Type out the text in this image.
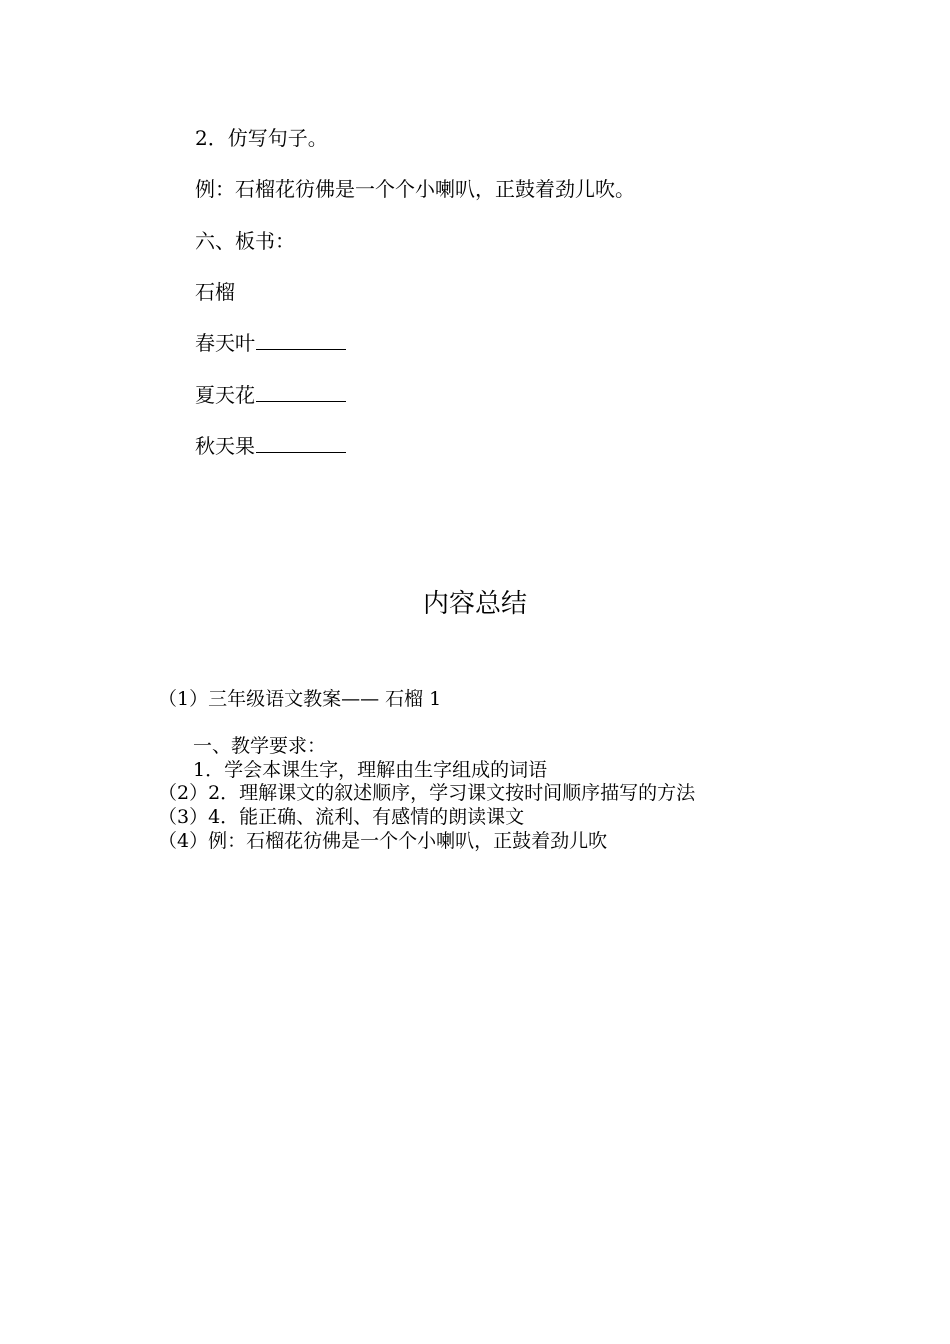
2．仿写句子。
例：石榴花彷佛是一个个小喇叭，正鼓着劲儿吹。
六、板书：
石榴
春天叶
夏天花
秋天果
内容总结
（1）三年级语文教案—— 石榴 1
一、教学要求：
1．学会本课生字，理解由生字组成的词语
（2）2．理解课文的叙述顺序，学习课文按时间顺序描写的方法
（3）4．能正确、流利、有感情的朗读课文
（4）例：石榴花彷佛是一个个小喇叭，正鼓着劲儿吹
